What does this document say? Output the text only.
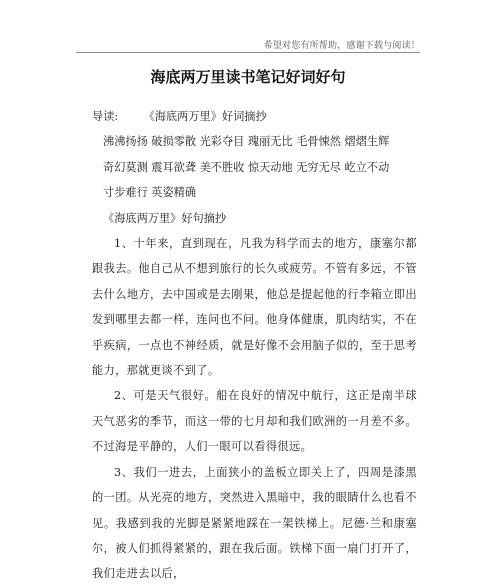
希望对您有所帮助，感谢下载与阅读！
海底两万里读书笔记好词好句
导读: 《海底两万里》好词摘抄
沸沸扬扬 破损零散 光彩夺目 瑰丽无比 毛骨悚然 熠熠生辉
奇幻莫测 震耳欲聋 美不胜收 惊天动地 无穷无尽 屹立不动
寸步难行 英姿精确
《海底两万里》好句摘抄

1、十年来，直到现在，凡我为科学而去的地方，康塞尔都跟我去。他自己从不想到旅行的长久或疲劳。不管有多远，不管去什么地方，去中国或是去刚果，他总是提起他的行李箱立即出发到哪里去都一样，连问也不问。他身体健康，肌肉结实，不在乎疾病，一点也不神经质，就是好像不会用脑子似的，至于思考能力，那就更谈不到了。

2、可是天气很好。船在良好的情况中航行，这正是南半球天气恶劣的季节，而这一带的七月却和我们欧洲的一月差不多。不过海是平静的，人们一眼可以看得很远。

3、我们一进去，上面狭小的盖板立即关上了，四周是漆黑的一团。从光亮的地方，突然进入黑暗中，我的眼睛什么也看不见。我感到我的光脚是紧紧地踩在一架铁梯上。尼德·兰和康塞尔，被人们抓得紧紧的，跟在我后面。铁梯下面一扇门打开了，我们走进去以后，
